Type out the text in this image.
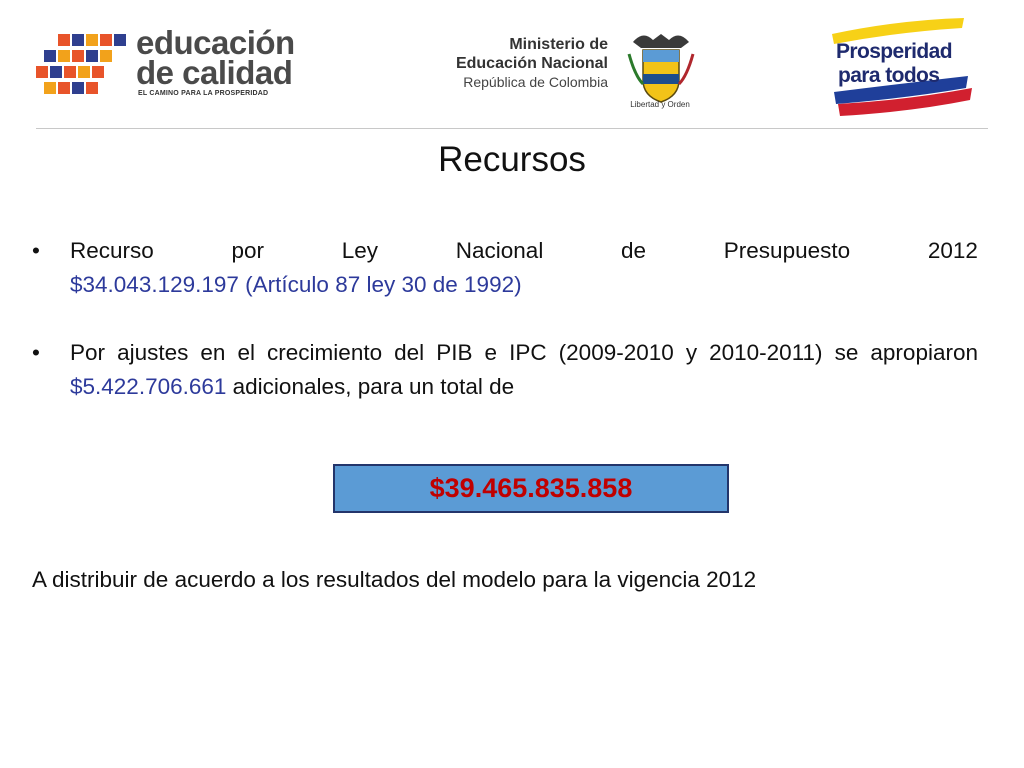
educación
de calidad
EL CAMINO PARA LA PROSPERIDAD
Ministerio de
Educación Nacional
República de Colombia
Libertad y Orden
Prosperidad
para todos
Recursos
• Recurso	por	Ley	Nacional	de	Presupuesto	2012
$34.043.129.197 (Artículo 87 ley 30 de 1992)
• Por ajustes en el crecimiento del PIB e IPC (2009-2010 y 2010-2011) se apropiaron $5.422.706.661 adicionales, para un total de
$39.465.835.858
A distribuir de acuerdo a los resultados del modelo para la vigencia 2012
